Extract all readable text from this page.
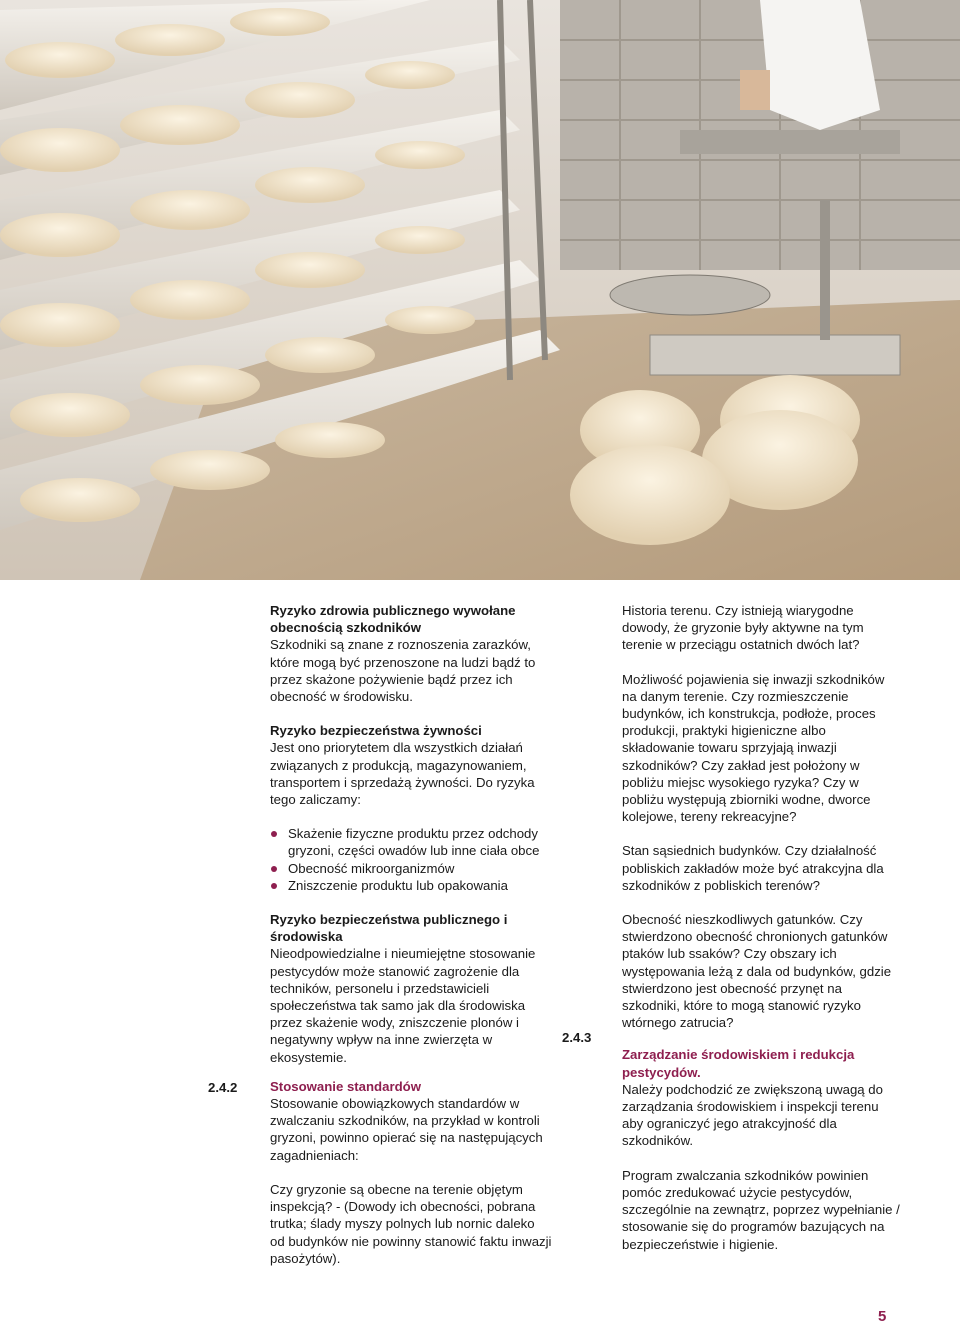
2.4.2
2.4.3

Ryzyko zdrowia publicznego wywołane obecnością szkodników

Szkodniki są znane z roznoszenia zarazków, które mogą być przenoszone na ludzi bądź to przez skażone pożywienie bądź przez ich obecność w środowisku.

Ryzyko bezpieczeństwa żywności

Jest ono priorytetem dla wszystkich działań związanych z produkcją, magazynowaniem, transportem i sprzedażą żywności. Do ryzyka tego zaliczamy:

Skażenie fizyczne produktu przez odchody gryzoni, części owadów lub inne ciała obce
Obecność mikroorganizmów
Zniszczenie produktu lub opakowania

Ryzyko bezpieczeństwa publicznego i środowiska

Nieodpowiedzialne i nieumiejętne stosowanie pestycydów może stanowić zagrożenie dla techników, personelu i przedstawicieli społeczeństwa tak samo jak dla środowiska przez skażenie wody, zniszczenie plonów i negatywny wpływ na inne zwierzęta w ekosystemie.

Stosowanie standardów

Stosowanie obowiązkowych standardów w zwalczaniu szkodników, na przykład w kontroli gryzoni, powinno opierać się na następujących zagadnieniach:

Czy gryzonie są obecne na terenie objętym inspekcją? - (Dowody ich obecności, pobrana trutka; ślady myszy polnych lub nornic daleko od budynków nie powinny stanowić faktu inwazji pasożytów).

Historia terenu. Czy istnieją wiarygodne dowody, że gryzonie były aktywne na tym terenie w przeciągu ostatnich dwóch lat?

Możliwość pojawienia się inwazji szkodników na danym terenie. Czy rozmieszczenie budynków, ich konstrukcja, podłoże, proces produkcji, praktyki higieniczne albo składowanie towaru sprzyjają inwazji szkodników? Czy zakład jest położony w pobliżu miejsc wysokiego ryzyka? Czy w pobliżu występują zbiorniki wodne, dworce kolejowe, tereny rekreacyjne?

Stan sąsiednich budynków. Czy działalność pobliskich zakładów może być atrakcyjna dla szkodników z pobliskich terenów?

Obecność nieszkodliwych gatunków. Czy stwierdzono obecność chronionych gatunków ptaków lub ssaków? Czy obszary ich występowania leżą z dala od budynków, gdzie stwierdzono jest obecność przynęt na szkodniki, które to mogą stanowić ryzyko wtórnego zatrucia?

Zarządzanie środowiskiem i redukcja pestycydów.

Należy podchodzić ze zwiększoną uwagą do zarządzania środowiskiem i inspekcji terenu aby ograniczyć jego atrakcyjność dla szkodników.

Program zwalczania szkodników powinien pomóc zredukować użycie pestycydów, szczególnie na zewnątrz, poprzez wypełnianie / stosowanie się do programów bazujących na bezpieczeństwie i higienie.

5
